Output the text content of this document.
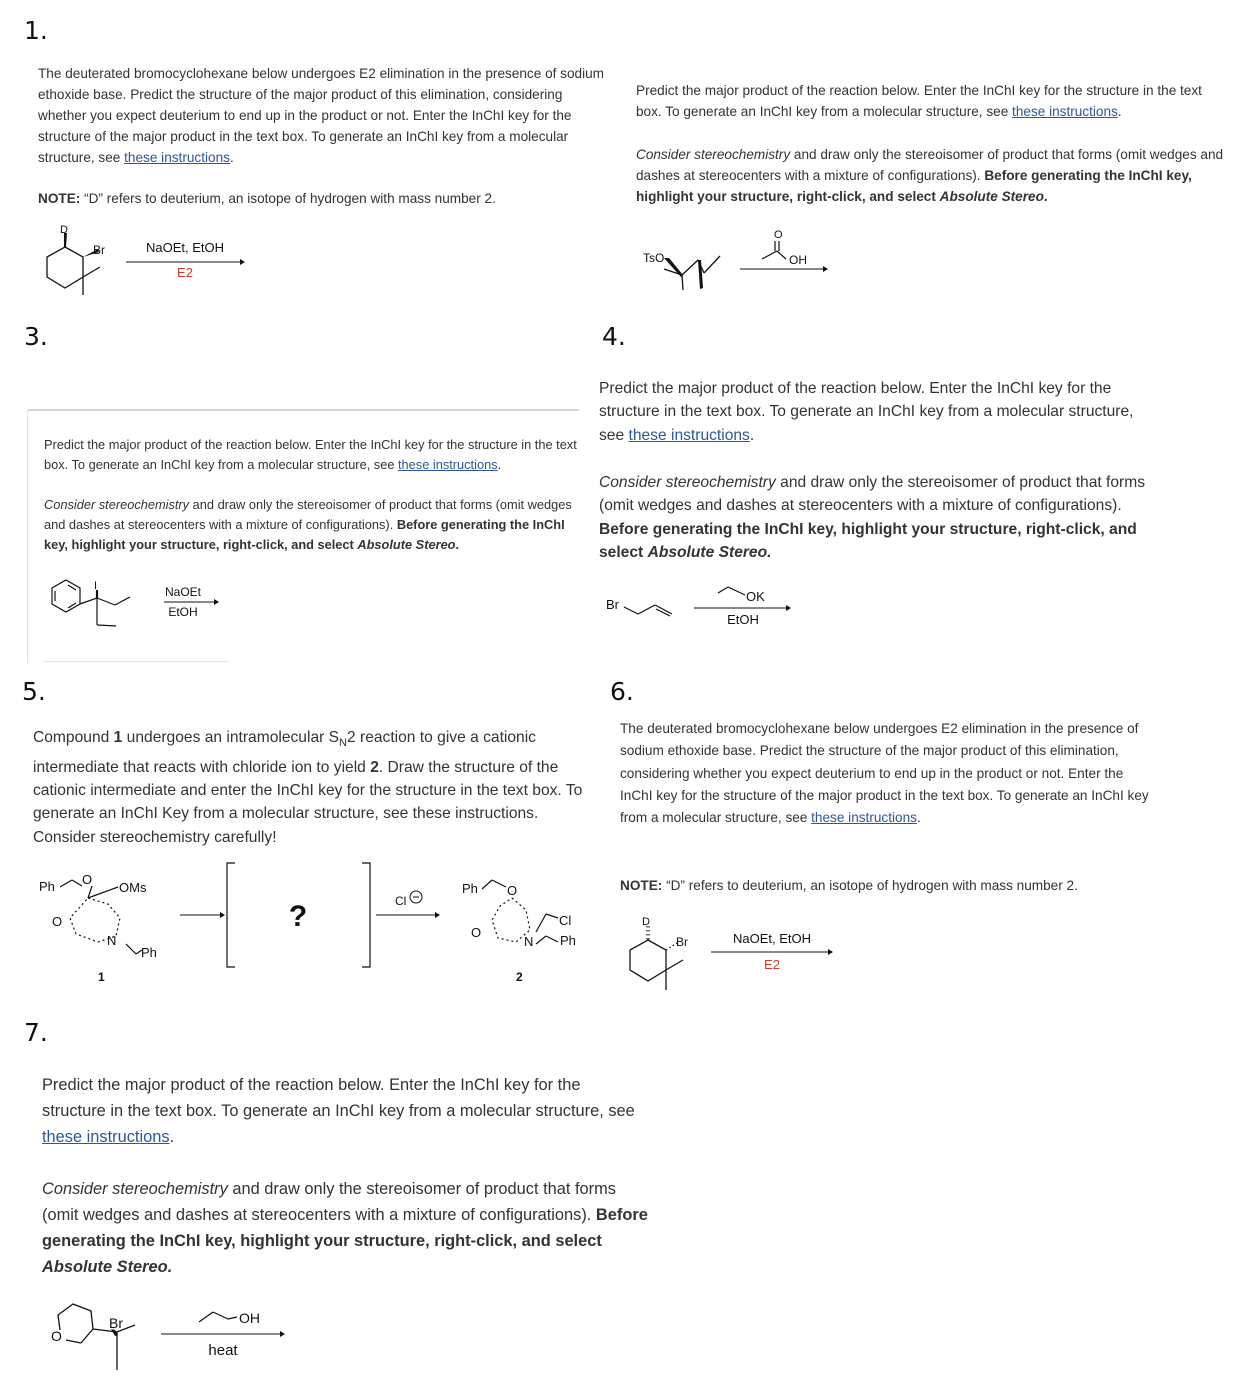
1.

The deuterated bromocyclohexane below undergoes E2 elimination in the presence of sodium ethoxide base. Predict the structure of the major product of this elimination, considering whether you expect deuterium to end up in the product or not. Enter the InChI key for the structure of the major product in the text box. To generate an InChI key from a molecular structure, see these instructions.

NOTE: “D” refers to deuterium, an isotope of hydrogen with mass number 2.

D
Br	NaOEt, EtOH
E2

Predict the major product of the reaction below. Enter the InChI key for the structure in the text box. To generate an InChI key from a molecular structure, see these instructions.

Consider stereochemistry and draw only the stereoisomer of product that forms (omit wedges and dashes at stereocenters with a mixture of configurations). Before generating the InChI key, highlight your structure, right-click, and select Absolute Stereo.

TsO
O
OH
3.

Predict the major product of the reaction below. Enter the InChI key for the structure in the text box. To generate an InChI key from a molecular structure, see these instructions.

Consider stereochemistry and draw only the stereoisomer of product that forms (omit wedges and dashes at stereocenters with a mixture of configurations). Before generating the InChI key, highlight your structure, right-click, and select Absolute Stereo.

I	NaOEt
EtOH
4.

Predict the major product of the reaction below. Enter the InChI key for the structure in the text box. To generate an InChI key from a molecular structure, see these instructions.

Consider stereochemistry and draw only the stereoisomer of product that forms (omit wedges and dashes at stereocenters with a mixture of configurations). Before generating the InChI key, highlight your structure, right-click, and select Absolute Stereo.

Br
OK
EtOH
5.

Compound 1 undergoes an intramolecular $S_N2$ reaction to give a cationic intermediate that reacts with chloride ion to yield 2. Draw the structure of the cationic intermediate and enter the InChI key for the structure in the text box. To generate an InChI Key from a molecular structure, see these instructions. Consider stereochemistry carefully!

Ph O
OMs
O
N
Ph
1
?	Cl
Ph O
O
N
Cl
Ph
2
6.

The deuterated bromocyclohexane below undergoes E2 elimination in the presence of sodium ethoxide base. Predict the structure of the major product of this elimination, considering whether you expect deuterium to end up in the product or not. Enter the InChI key for the structure of the major product in the text box. To generate an InChI key from a molecular structure, see these instructions.

NOTE: “D” refers to deuterium, an isotope of hydrogen with mass number 2.

D
Br	NaOEt, EtOH
E2
7.

Predict the major product of the reaction below. Enter the InChI key for the structure in the text box. To generate an InChI key from a molecular structure, see these instructions.

Consider stereochemistry and draw only the stereoisomer of product that forms (omit wedges and dashes at stereocenters with a mixture of configurations). Before generating the InChI key, highlight your structure, right-click, and select Absolute Stereo.

O
Br	OH
heat
